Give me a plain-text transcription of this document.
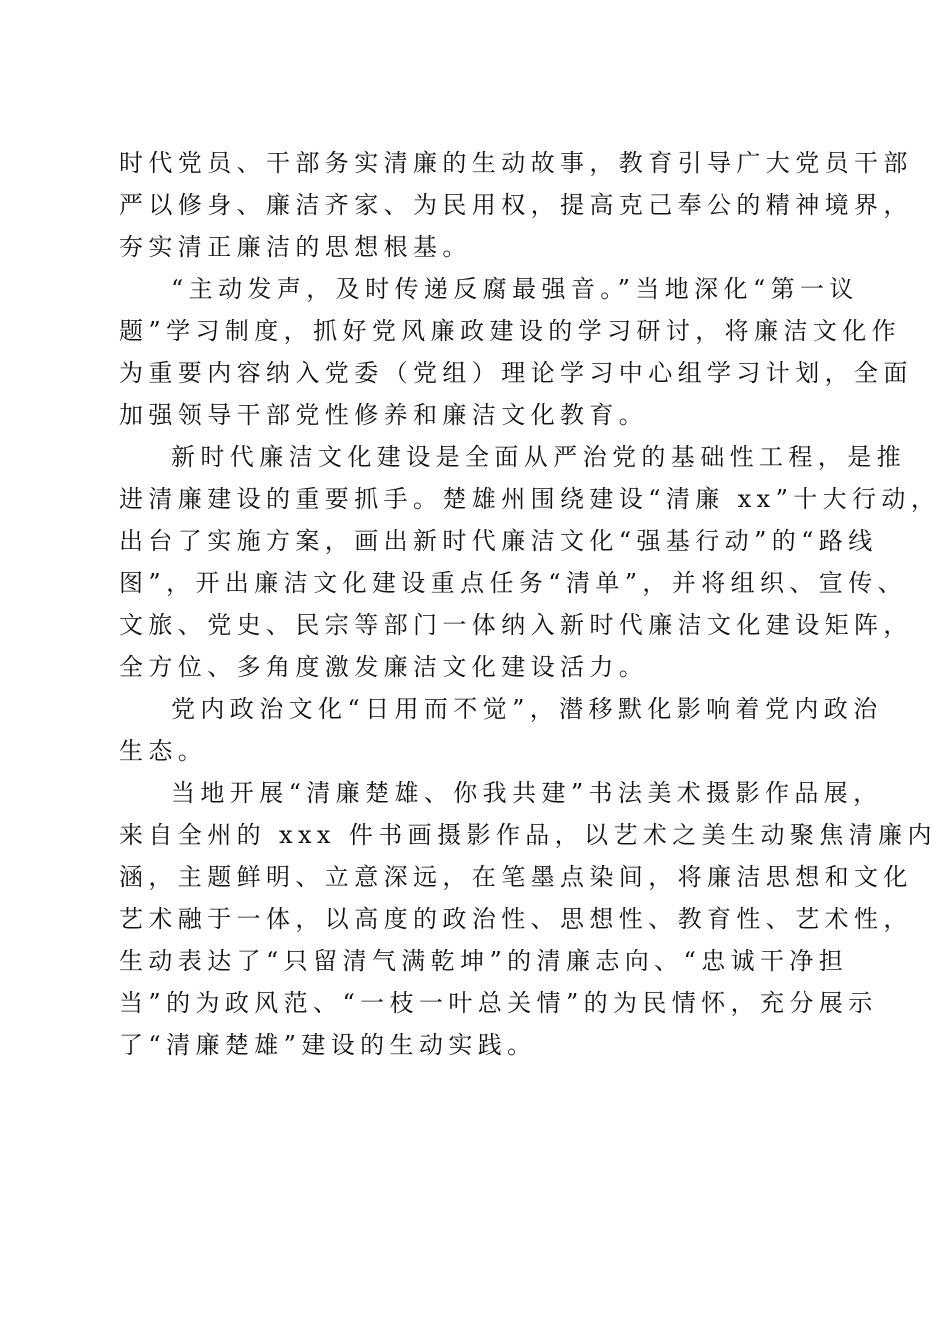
时代党员、干部务实清廉的生动故事，教育引导广大党员干部

严以修身、廉洁齐家、为民用权，提高克己奉公的精神境界，

夯实清正廉洁的思想根基。

“主动发声，及时传递反腐最强音。”当地深化“第一议

题”学习制度，抓好党风廉政建设的学习研讨，将廉洁文化作

为重要内容纳入党委（党组）理论学习中心组学习计划，全面

加强领导干部党性修养和廉洁文化教育。

新时代廉洁文化建设是全面从严治党的基础性工程，是推

进清廉建设的重要抓手。楚雄州围绕建设“清廉 xx”十大行动，

出台了实施方案，画出新时代廉洁文化“强基行动”的“路线

图”，开出廉洁文化建设重点任务“清单”，并将组织、宣传、

文旅、党史、民宗等部门一体纳入新时代廉洁文化建设矩阵，

全方位、多角度激发廉洁文化建设活力。

党内政治文化“日用而不觉”，潜移默化影响着党内政治

生态。

当地开展“清廉楚雄、你我共建”书法美术摄影作品展，

来自全州的 xxx 件书画摄影作品，以艺术之美生动聚焦清廉内

涵，主题鲜明、立意深远，在笔墨点染间，将廉洁思想和文化

艺术融于一体，以高度的政治性、思想性、教育性、艺术性，

生动表达了“只留清气满乾坤”的清廉志向、“忠诚干净担

当”的为政风范、“一枝一叶总关情”的为民情怀，充分展示

了“清廉楚雄”建设的生动实践。
